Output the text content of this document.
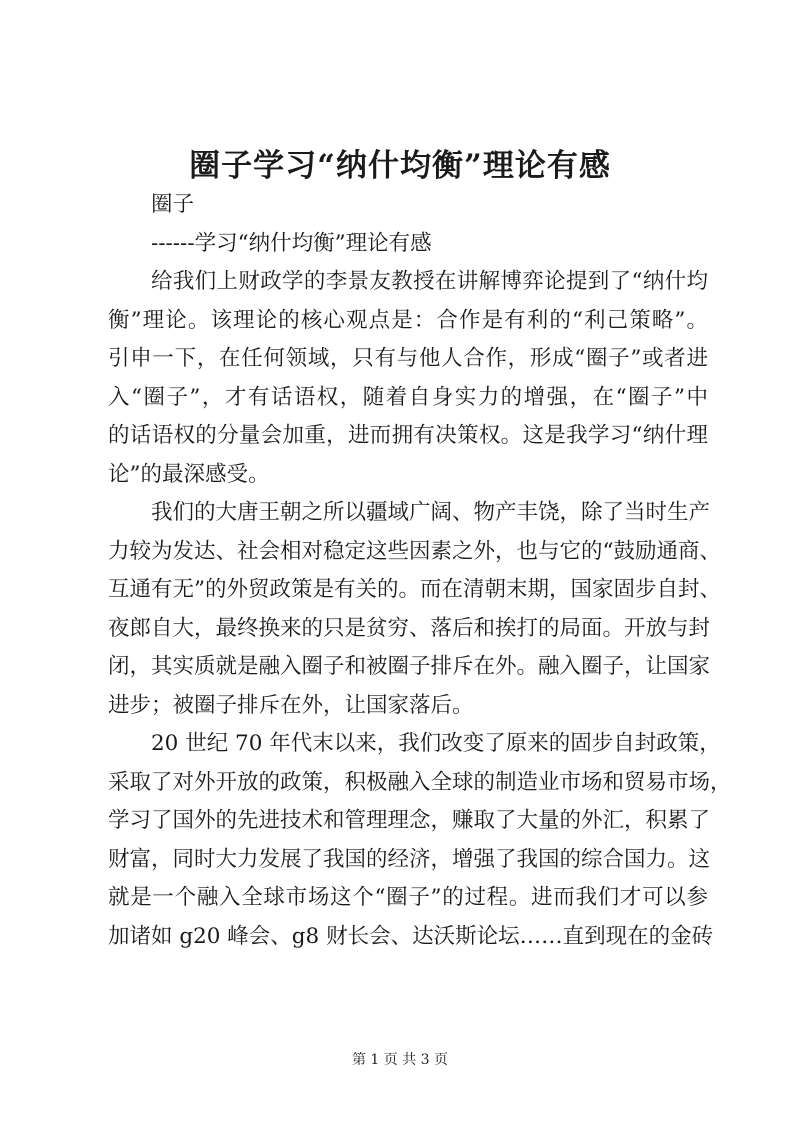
圈子学习“纳什均衡”理论有感
圈子
------学习“纳什均衡”理论有感
给我们上财政学的李景友教授在讲解博弈论提到了“纳什均
衡”理论。该理论的核心观点是：合作是有利的“利己策略”。
引申一下，在任何领域，只有与他人合作，形成“圈子”或者进
入“圈子”，才有话语权，随着自身实力的增强，在“圈子”中
的话语权的分量会加重，进而拥有决策权。这是我学习“纳什理
论”的最深感受。
我们的大唐王朝之所以疆域广阔、物产丰饶，除了当时生产
力较为发达、社会相对稳定这些因素之外，也与它的“鼓励通商、
互通有无”的外贸政策是有关的。而在清朝末期，国家固步自封、
夜郎自大，最终换来的只是贫穷、落后和挨打的局面。开放与封
闭，其实质就是融入圈子和被圈子排斥在外。融入圈子，让国家
进步；被圈子排斥在外，让国家落后。
20 世纪 70 年代末以来，我们改变了原来的固步自封政策，
采取了对外开放的政策，积极融入全球的制造业市场和贸易市场，
学习了国外的先进技术和管理理念，赚取了大量的外汇，积累了
财富，同时大力发展了我国的经济，增强了我国的综合国力。这
就是一个融入全球市场这个“圈子”的过程。进而我们才可以参
加诸如 g20 峰会、g8 财长会、达沃斯论坛……直到现在的金砖
第 1 页 共 3 页
